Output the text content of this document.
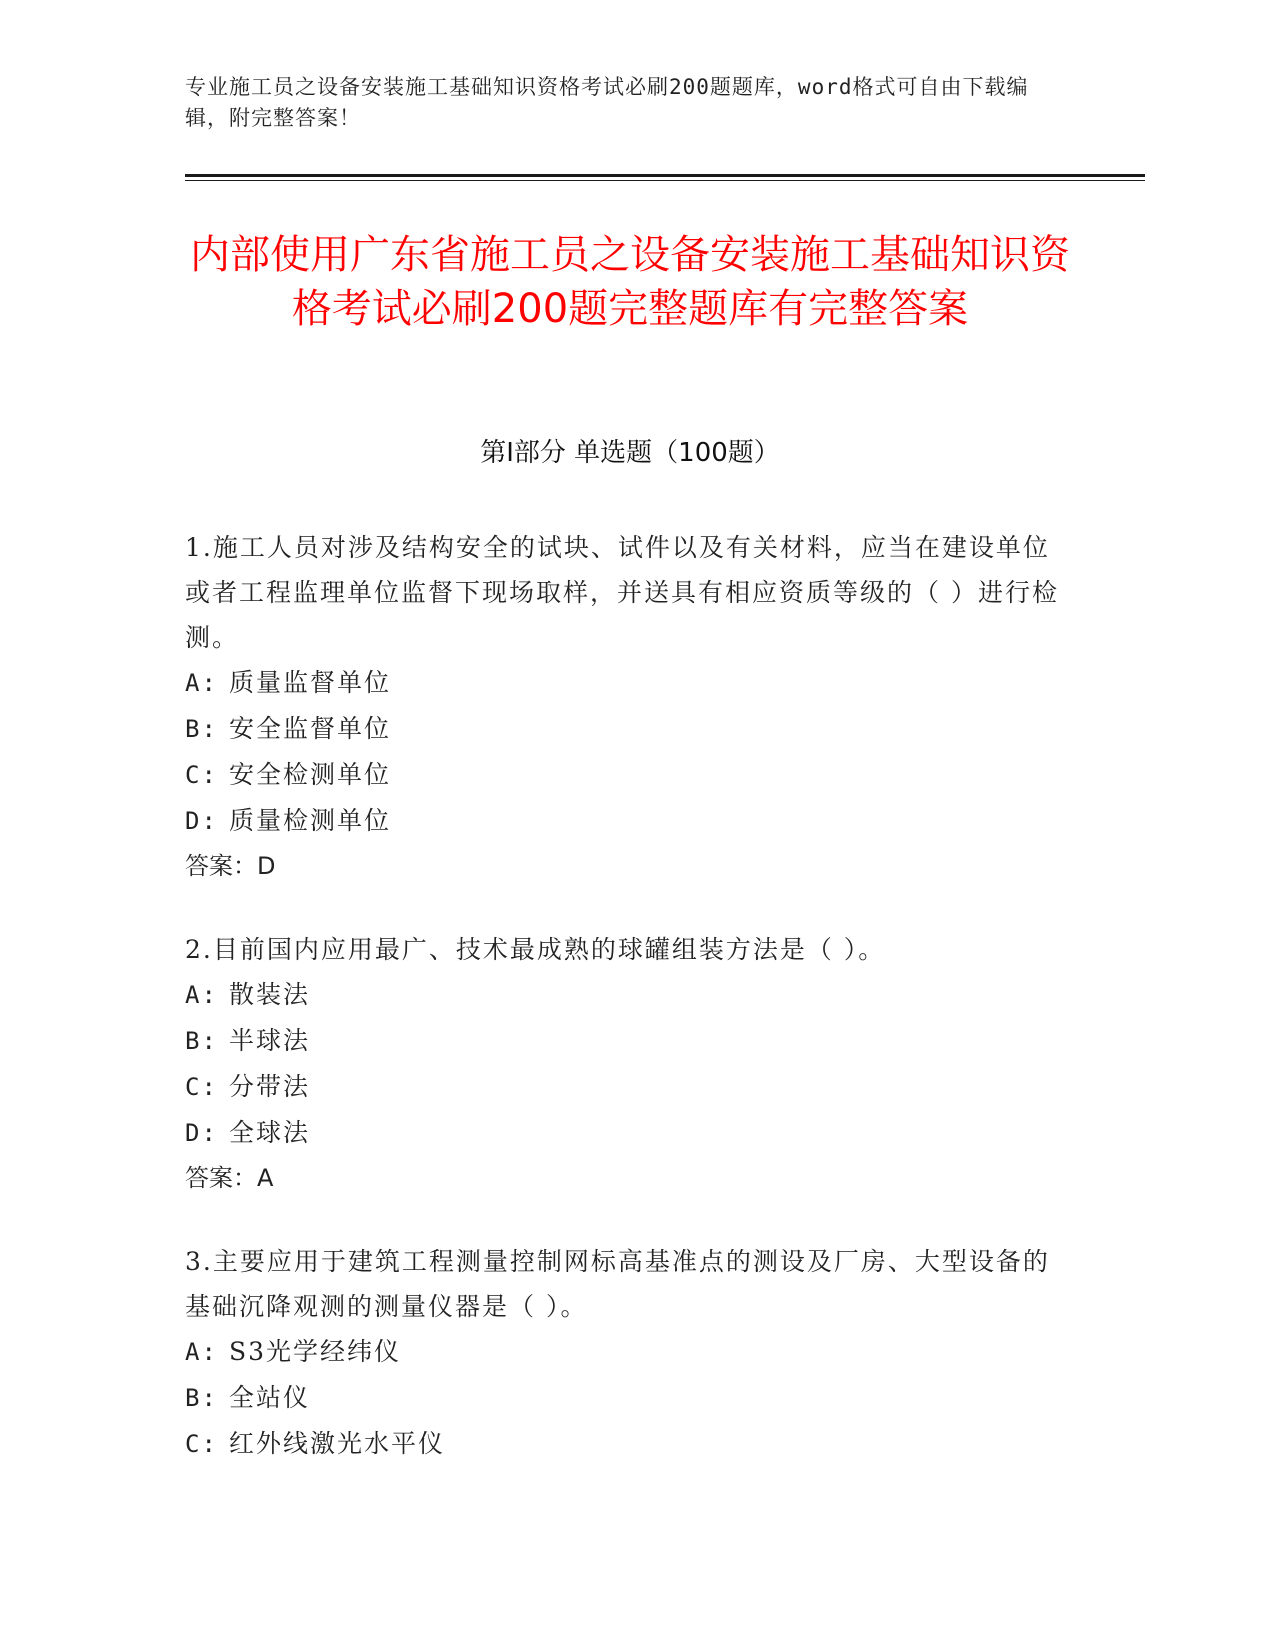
专业施工员之设备安装施工基础知识资格考试必刷200题题库，word格式可自由下载编辑，附完整答案！
内部使用广东省施工员之设备安装施工基础知识资格考试必刷200题完整题库有完整答案
第Ⅰ部分 单选题（100题）
1.施工人员对涉及结构安全的试块、试件以及有关材料，应当在建设单位或者工程监理单位监督下现场取样，并送具有相应资质等级的（ ）进行检测。
A: 质量监督单位
B: 安全监督单位
C: 安全检测单位
D: 质量检测单位
答案：D
2.目前国内应用最广、技术最成熟的球罐组装方法是（ ）。
A: 散装法
B: 半球法
C: 分带法
D: 全球法
答案：A
3.主要应用于建筑工程测量控制网标高基准点的测设及厂房、大型设备的基础沉降观测的测量仪器是（ ）。
A: S3光学经纬仪
B: 全站仪
C: 红外线激光水平仪
